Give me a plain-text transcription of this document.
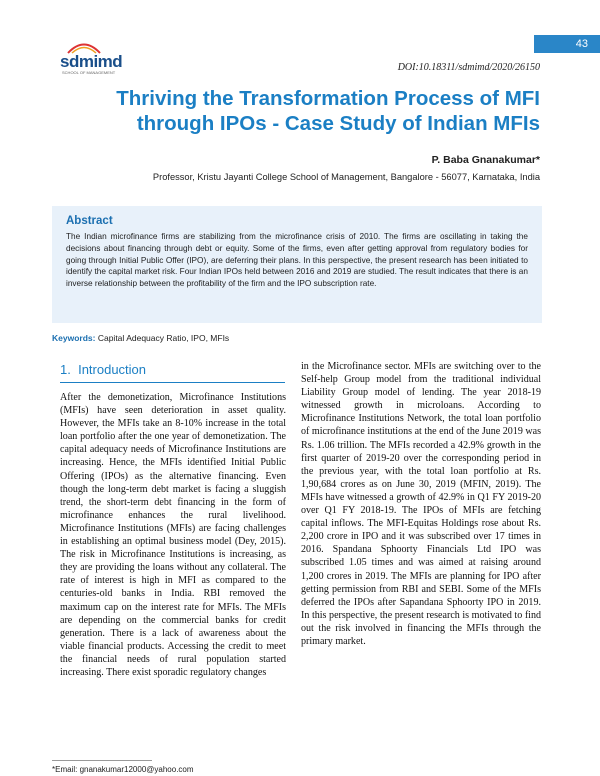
43
sdmimd
SCHOOL OF MANAGEMENT	DOI:10.18311/sdmimd/2020/26150
Thriving the Transformation Process of MFI through IPOs - Case Study of Indian MFIs
P. Baba Gnanakumar*
Professor, Kristu Jayanti College School of Management, Bangalore - 56077, Karnataka, India
Abstract

The Indian microfinance firms are stabilizing from the microfinance crisis of 2010. The firms are oscillating in taking the decisions about financing through debt or equity. Some of the firms, even after getting approval from regulatory bodies for going through Initial Public Offer (IPO), are deferring their plans. In this perspective, the present research has been initiated to identify the capital market risk. Four Indian IPOs held between 2016 and 2019 are studied. The result indicates that there is an inverse relationship between the profitability of the firm and the IPO subscription rate.

Keywords: Capital Adequacy Ratio, IPO, MFIs
1. Introduction

After the demonetization, Microfinance Institutions (MFIs) have seen deterioration in asset quality. However, the MFIs take an 8-10% increase in the total loan portfolio after the one year of demonetization. The capital adequacy needs of Microfinance Institutions are increasing. Hence, the MFIs identified Initial Public Offering (IPOs) as the alternative financing. Even though the long-term debt market is facing a sluggish trend, the short-term debt financing in the form of microfinance enhances the rural livelihood. Microfinance Institutions (MFIs) are facing challenges in establishing an optimal business model (Dey, 2015). The risk in Microfinance Institutions is increasing, as they are providing the loans without any collateral. The rate of interest is high in MFI as compared to the centuries-old banks in India. RBI removed the maximum cap on the interest rate for MFIs. The MFIs are depending on the commercial banks for credit generation. There is a lack of awareness about the viable financial products. Accessing the credit to meet the financial needs of rural population started increasing. There exist sporadic regulatory changes

in the Microfinance sector. MFIs are switching over to the Self-help Group model from the traditional individual Liability Group model of lending. The year 2018-19 witnessed growth in microloans. According to Microfinance Institutions Network, the total loan portfolio of microfinance institutions at the end of the June 2019 was Rs. 1.06 trillion. The MFIs recorded a 42.9% growth in the first quarter of 2019-20 over the corresponding period in the previous year, with the total loan portfolio at Rs. 1,90,684 crores as on June 30, 2019 (MFIN, 2019). The MFIs have witnessed a growth of 42.9% in Q1 FY 2019-20 over Q1 FY 2018-19. The IPOs of MFIs are fetching capital inflows. The MFI-Equitas Holdings rose about Rs. 2,200 crore in IPO and it was subscribed over 17 times in 2016. Spandana Sphoorty Financials Ltd IPO was subscribed 1.05 times and was aimed at raising around 1,200 crores in 2019. The MFIs are planning for IPO after getting permission from RBI and SEBI. Some of the MFIs deferred the IPOs after Sapandana Sphoorty IPO in 2019. In this perspective, the present research is motivated to find out the risk involved in financing the MFIs through the primary market.

*Email: gnanakumar12000@yahoo.com
